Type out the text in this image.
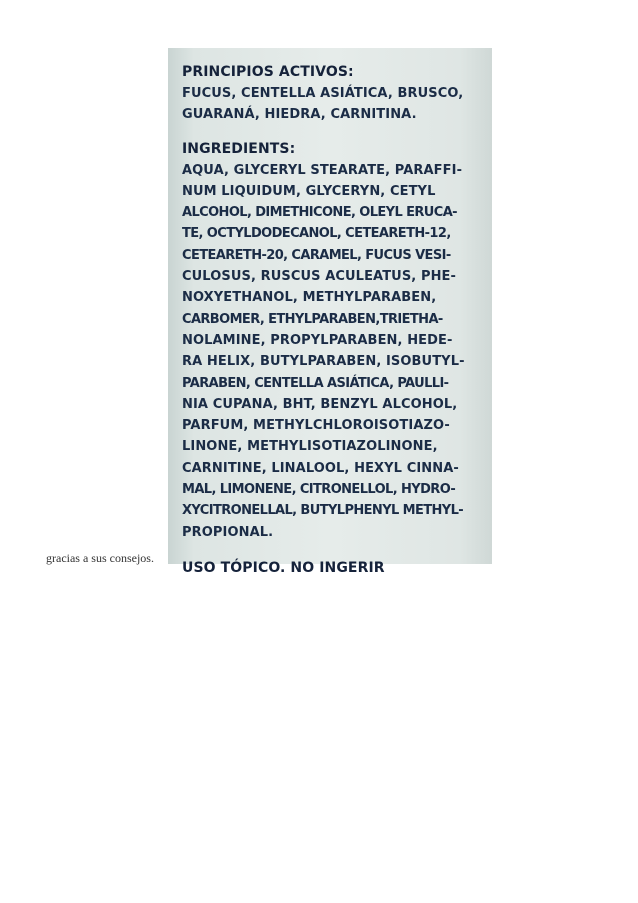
gracias a sus consejos.
PRINCIPIOS ACTIVOS:
FUCUS, CENTELLA ASIÁTICA, BRUSCO,
GUARANÁ, HIEDRA, CARNITINA.
INGREDIENTS:
AQUA, GLYCERYL STEARATE, PARAFFI-
NUM LIQUIDUM, GLYCERYN, CETYL
ALCOHOL, DIMETHICONE, OLEYL ERUCA-
TE, OCTYLDODECANOL, CETEARETH-12,
CETEARETH-20, CARAMEL, FUCUS VESI-
CULOSUS, RUSCUS ACULEATUS, PHE-
NOXYETHANOL, METHYLPARABEN,
CARBOMER, ETHYLPARABEN,TRIETHA-
NOLAMINE, PROPYLPARABEN, HEDE-
RA HELIX, BUTYLPARABEN, ISOBUTYL-
PARABEN, CENTELLA ASIÁTICA, PAULLI-
NIA CUPANA, BHT, BENZYL ALCOHOL,
PARFUM, METHYLCHLOROISOTIAZO-
LINONE, METHYLISOTIAZOLINONE,
CARNITINE, LINALOOL, HEXYL CINNA-
MAL, LIMONENE, CITRONELLOL, HYDRO-
XYCITRONELLAL, BUTYLPHENYL METHYL-
PROPIONAL.
USO TÓPICO. NO INGERIR
